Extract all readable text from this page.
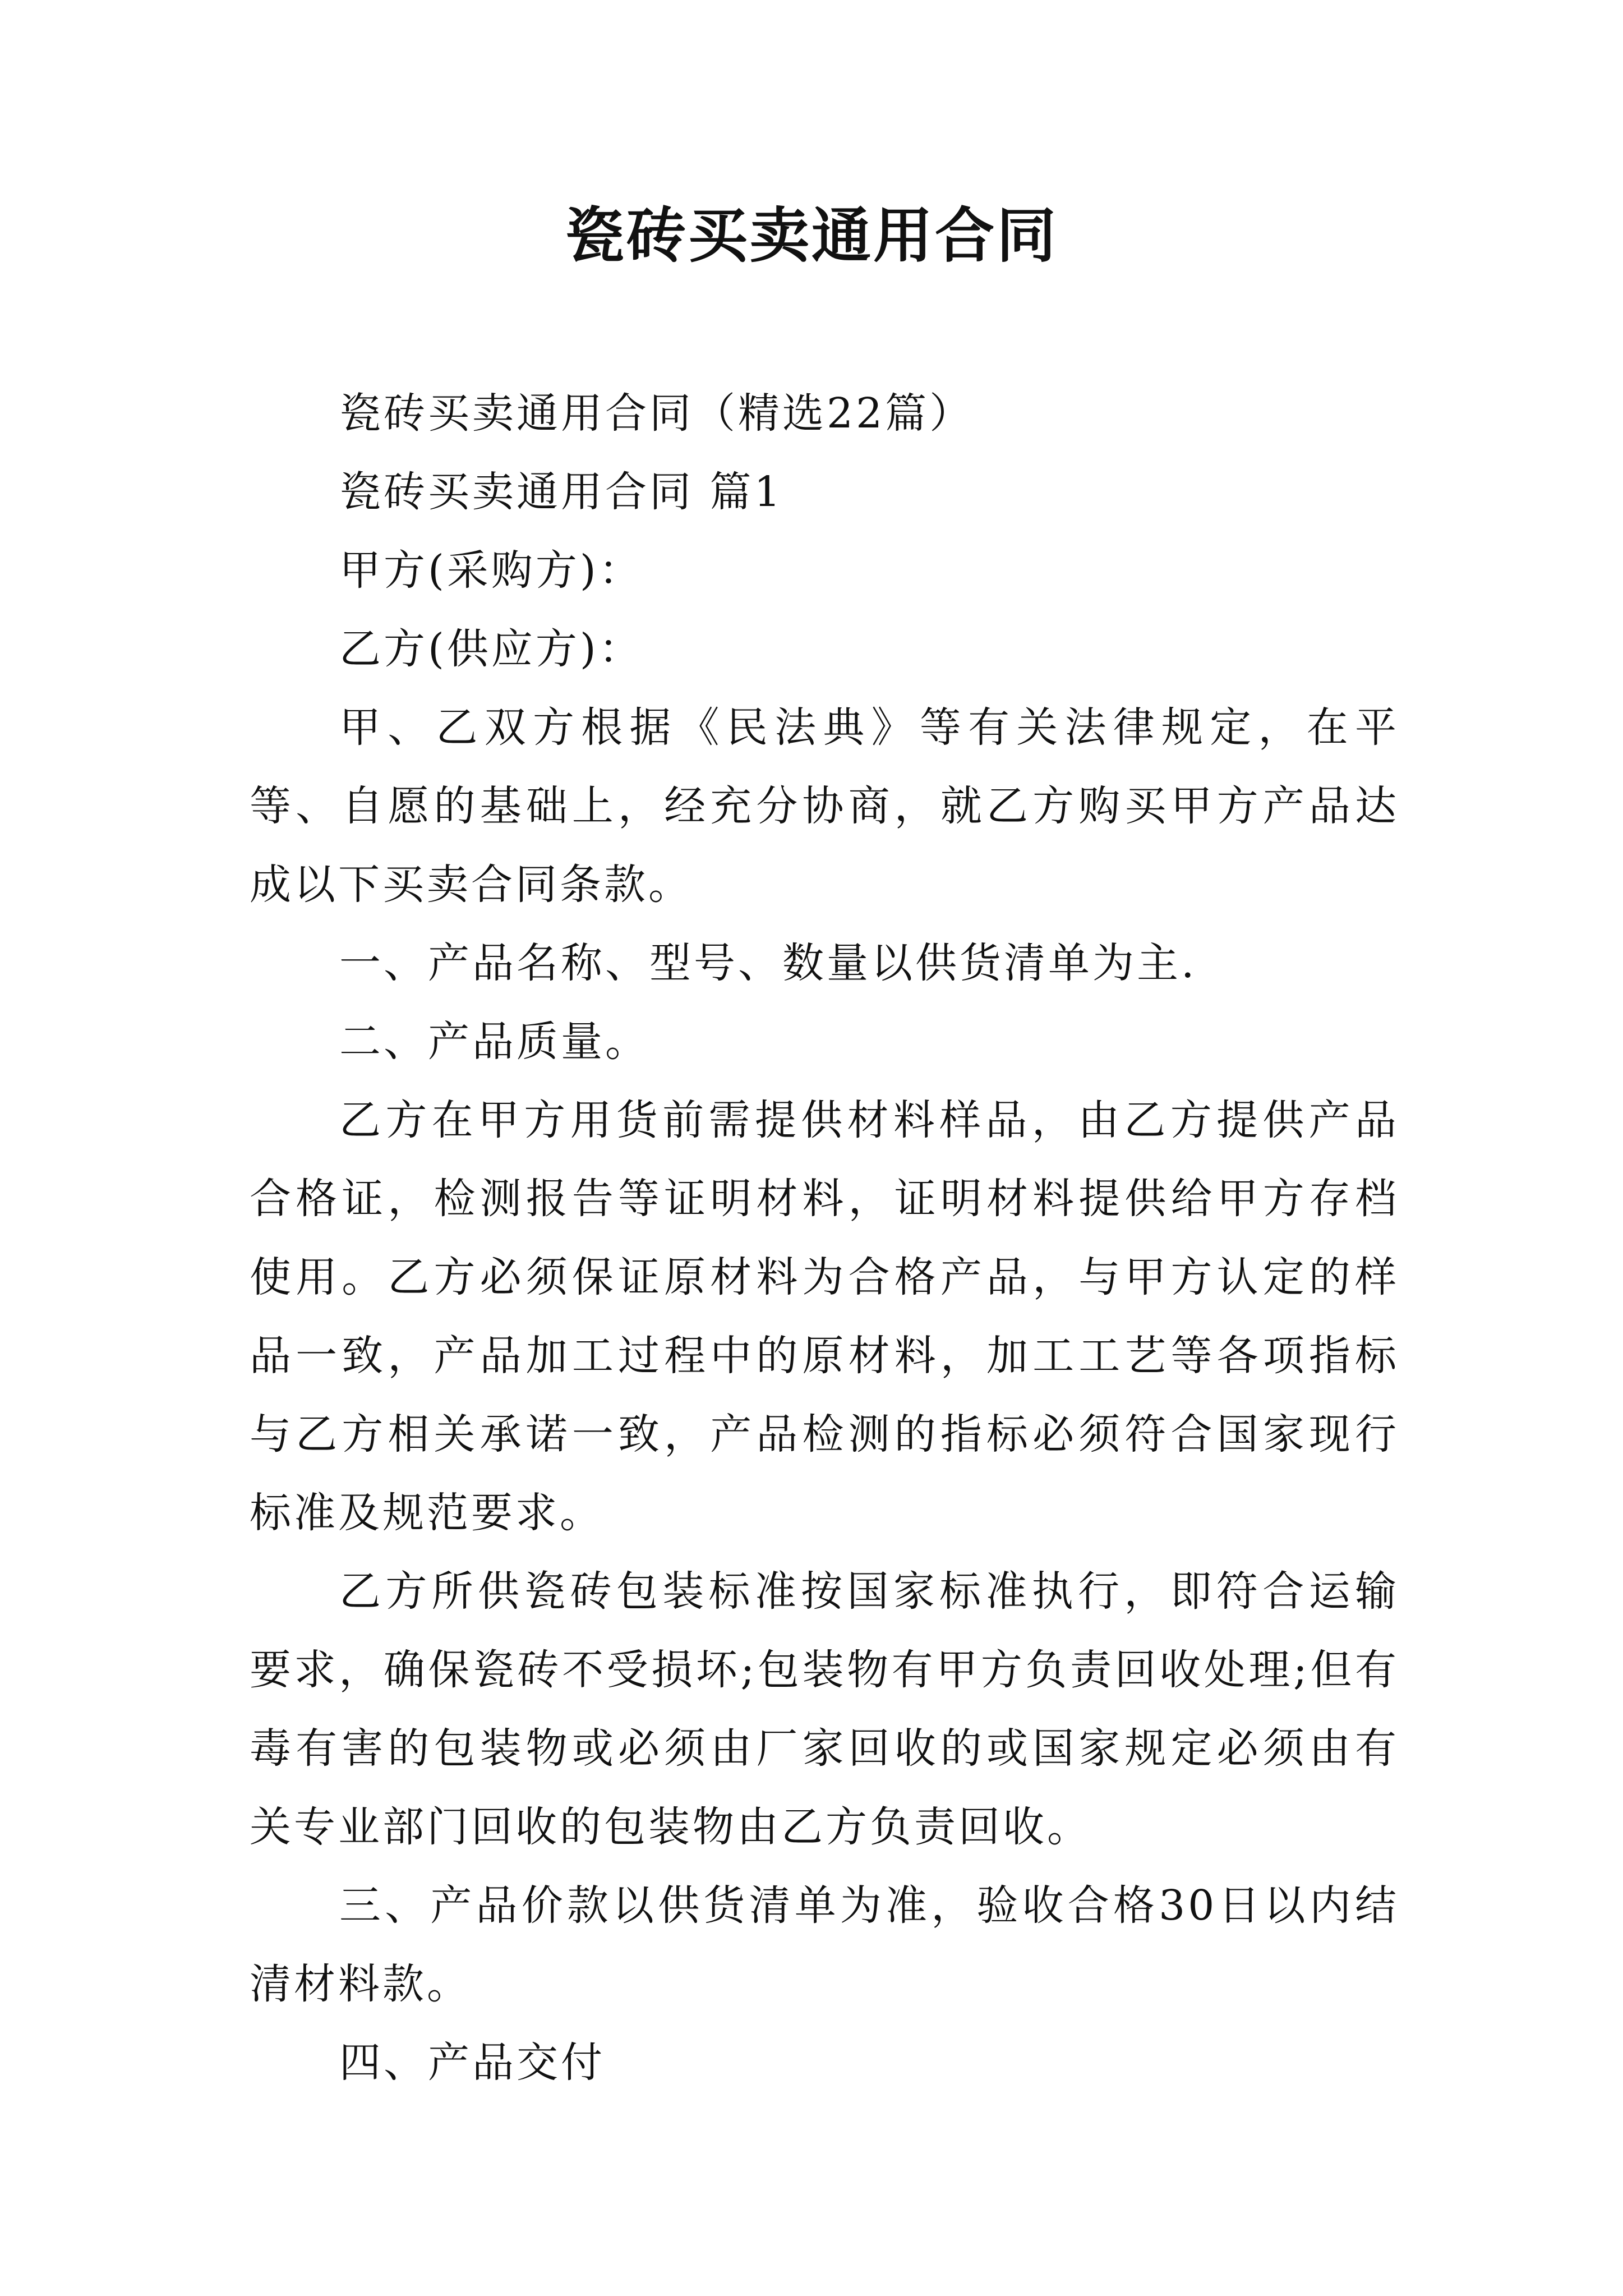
瓷砖买卖通用合同

瓷砖买卖通用合同（精选22篇）

瓷砖买卖通用合同 篇1

甲方(采购方)：

乙方(供应方)：

甲、乙双方根据《民法典》等有关法律规定，在平等、自愿的基础上，经充分协商，就乙方购买甲方产品达成以下买卖合同条款。

一、产品名称、型号、数量以供货清单为主.

二、产品质量。

乙方在甲方用货前需提供材料样品，由乙方提供产品合格证，检测报告等证明材料，证明材料提供给甲方存档使用。乙方必须保证原材料为合格产品，与甲方认定的样品一致，产品加工过程中的原材料，加工工艺等各项指标与乙方相关承诺一致，产品检测的指标必须符合国家现行标准及规范要求。

乙方所供瓷砖包装标准按国家标准执行，即符合运输要求，确保瓷砖不受损坏;包装物有甲方负责回收处理;但有毒有害的包装物或必须由厂家回收的或国家规定必须由有关专业部门回收的包装物由乙方负责回收。

三、产品价款以供货清单为准，验收合格30日以内结清材料款。

四、产品交付
